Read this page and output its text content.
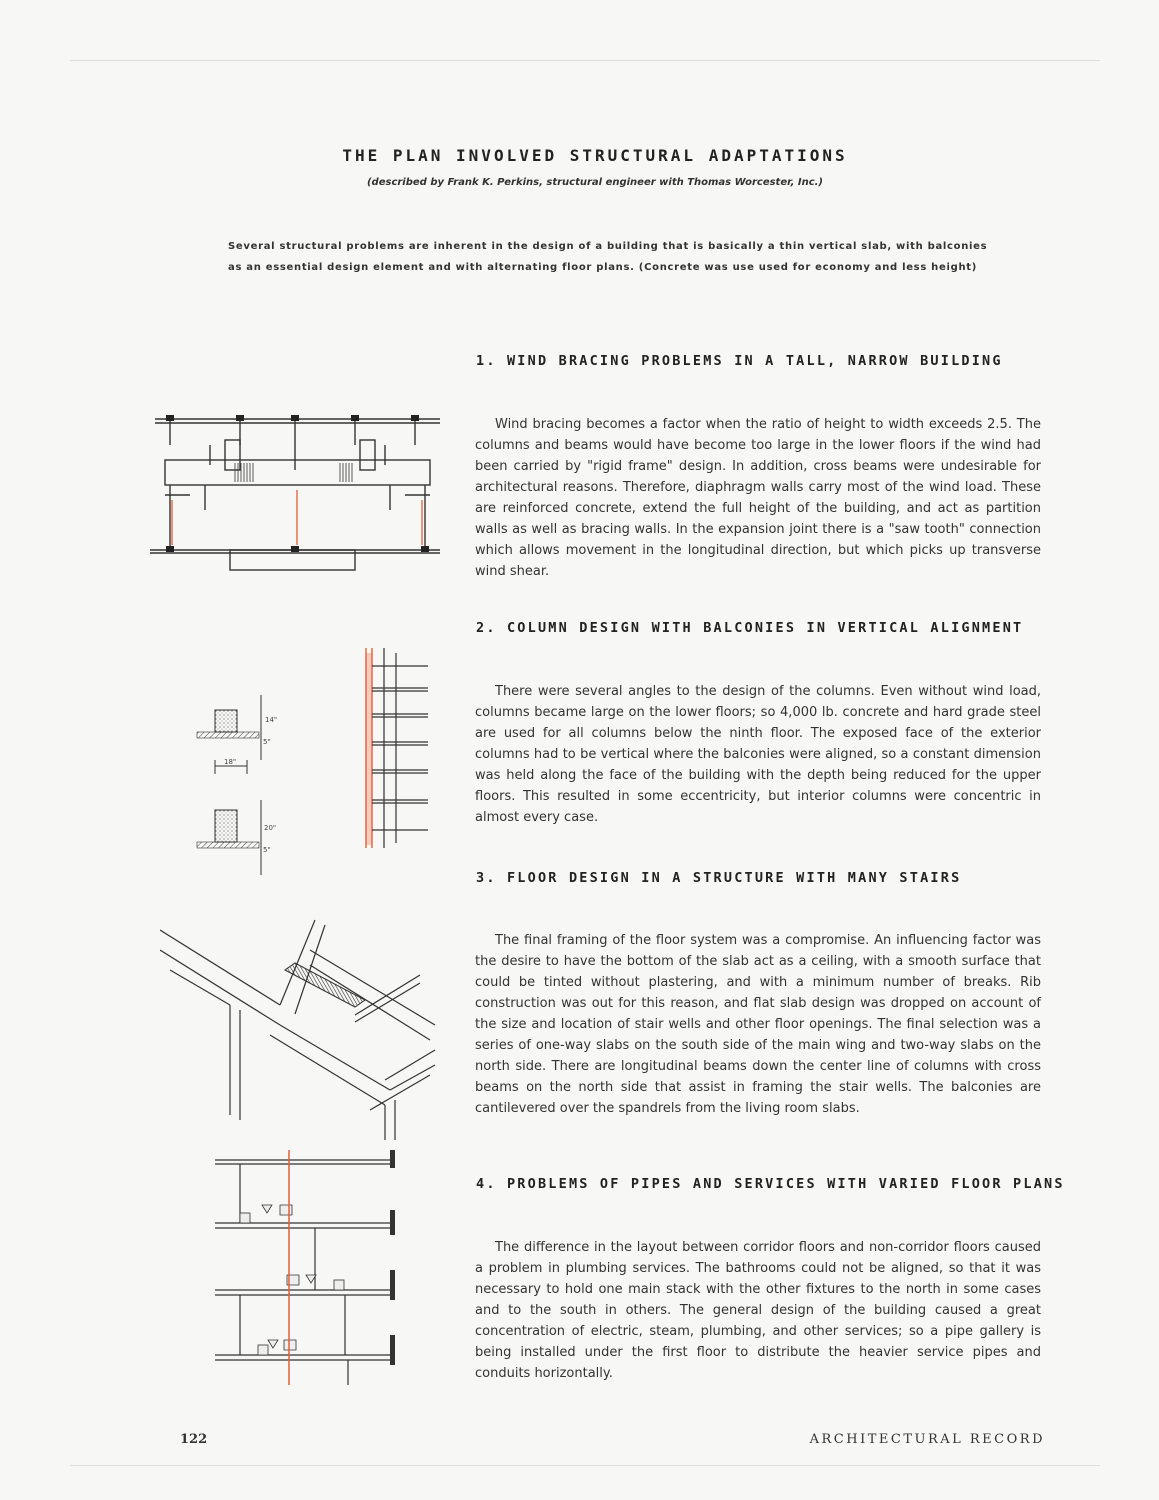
THE PLAN INVOLVED STRUCTURAL ADAPTATIONS
(described by Frank K. Perkins, structural engineer with Thomas Worcester, Inc.)

Several structural problems are inherent in the design of a building that is basically a thin vertical slab, with balconies as an essential design element and with alternating floor plans. (Concrete was use used for economy and less height)

1. WIND BRACING PROBLEMS IN A TALL, NARROW BUILDING

Wind bracing becomes a factor when the ratio of height to width exceeds 2.5. The columns and beams would have become too large in the lower floors if the wind had been carried by "rigid frame" design. In addition, cross beams were undesirable for architectural reasons. Therefore, diaphragm walls carry most of the wind load. These are reinforced concrete, extend the full height of the building, and act as partition walls as well as bracing walls. In the expansion joint there is a "saw tooth" connection which allows movement in the longitudinal direction, but which picks up transverse wind shear.

2. COLUMN DESIGN WITH BALCONIES IN VERTICAL ALIGNMENT

There were several angles to the design of the columns. Even without wind load, columns became large on the lower floors; so 4,000 lb. concrete and hard grade steel are used for all columns below the ninth floor. The exposed face of the exterior columns had to be vertical where the balconies were aligned, so a constant dimension was held along the face of the building with the depth being reduced for the upper floors. This resulted in some eccentricity, but interior columns were concentric in almost every case.

3. FLOOR DESIGN IN A STRUCTURE WITH MANY STAIRS

The final framing of the floor system was a compromise. An influencing factor was the desire to have the bottom of the slab act as a ceiling, with a smooth surface that could be tinted without plastering, and with a minimum number of breaks. Rib construction was out for this reason, and flat slab design was dropped on account of the size and location of stair wells and other floor openings. The final selection was a series of one-way slabs on the south side of the main wing and two-way slabs on the north side. There are longitudinal beams down the center line of columns with cross beams on the north side that assist in framing the stair wells. The balconies are cantilevered over the spandrels from the living room slabs.

4. PROBLEMS OF PIPES AND SERVICES WITH VARIED FLOOR PLANS

The difference in the layout between corridor floors and non-corridor floors caused a problem in plumbing services. The bathrooms could not be aligned, so that it was necessary to hold one main stack with the other fixtures to the north in some cases and to the south in others. The general design of the building caused a great concentration of electric, steam, plumbing, and other services; so a pipe gallery is being installed under the first floor to distribute the heavier service pipes and conduits horizontally.

14"
5"
18"
20"
5"
122	ARCHITECTURAL RECORD
